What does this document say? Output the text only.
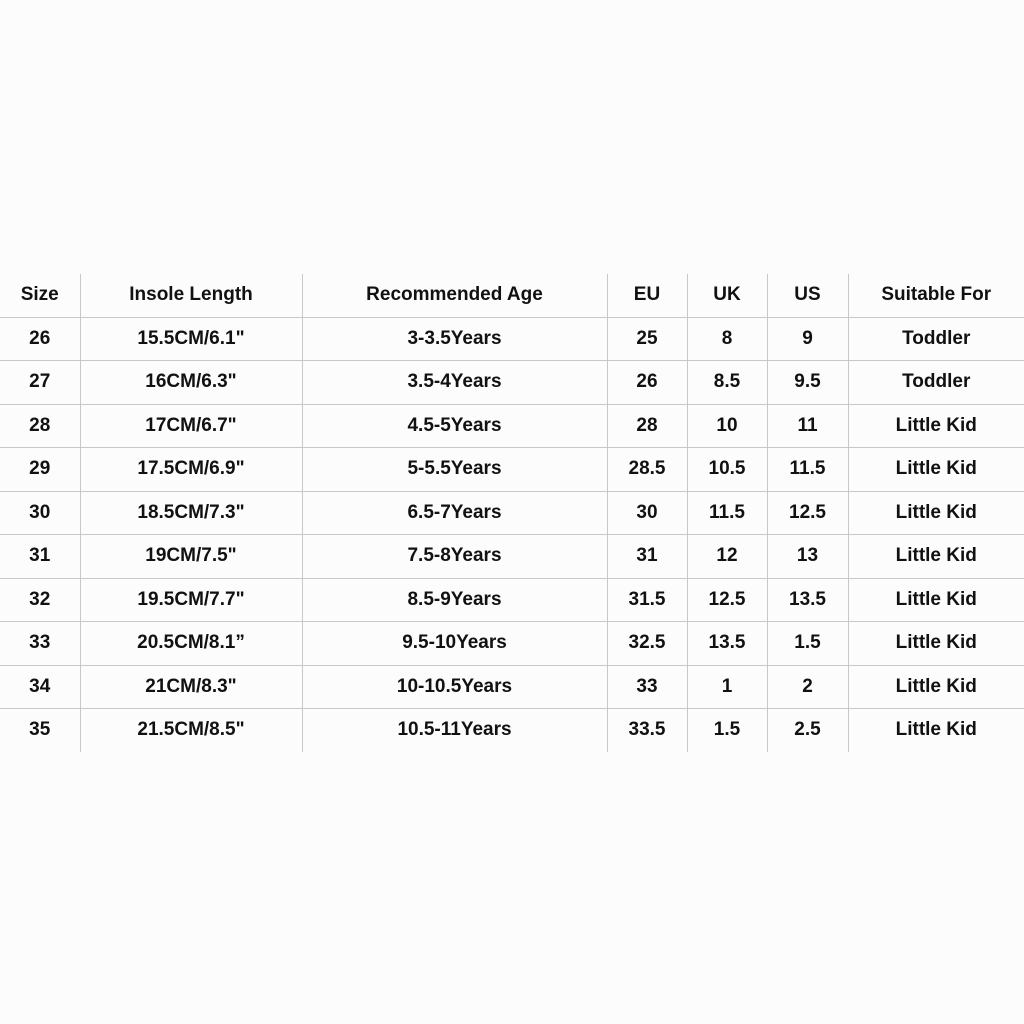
Size	Insole Length	Recommended Age	EU	UK	US	Suitable For
26	15.5CM/6.1"	3-3.5Years	25	8	9	Toddler
27	16CM/6.3"	3.5-4Years	26	8.5	9.5	Toddler
28	17CM/6.7"	4.5-5Years	28	10	11	Little Kid
29	17.5CM/6.9"	5-5.5Years	28.5	10.5	11.5	Little Kid
30	18.5CM/7.3"	6.5-7Years	30	11.5	12.5	Little Kid
31	19CM/7.5"	7.5-8Years	31	12	13	Little Kid
32	19.5CM/7.7"	8.5-9Years	31.5	12.5	13.5	Little Kid
33	20.5CM/8.1”	9.5-10Years	32.5	13.5	1.5	Little Kid
34	21CM/8.3"	10-10.5Years	33	1	2	Little Kid
35	21.5CM/8.5"	10.5-11Years	33.5	1.5	2.5	Little Kid
